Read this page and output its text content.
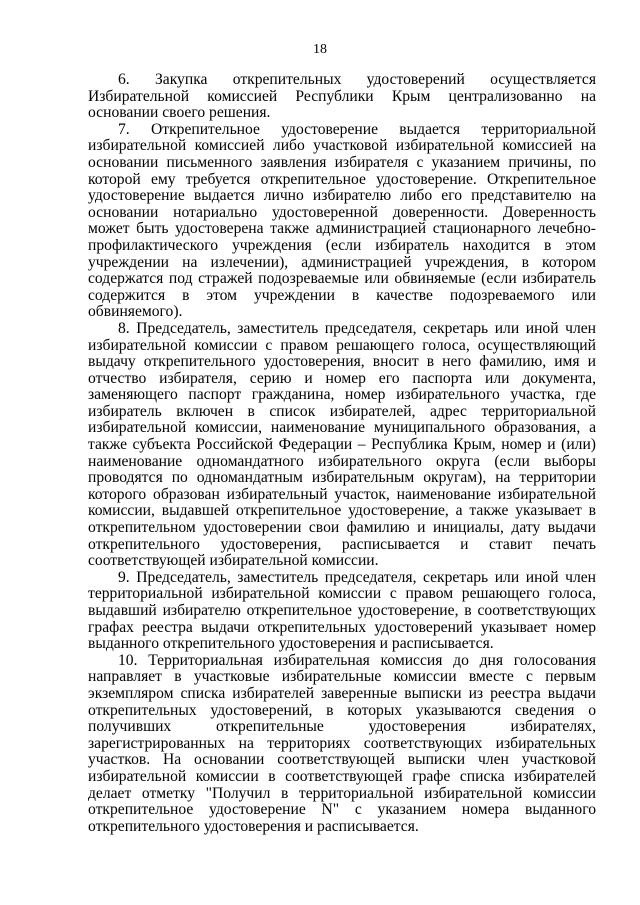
18

6. Закупка открепительных удостоверений осуществляется Избирательной комиссией Республики Крым централизованно на основании своего решения.

7. Открепительное удостоверение выдается территориальной избирательной комиссией либо участковой избирательной комиссией на основании письменного заявления избирателя с указанием причины, по которой ему требуется открепительное удостоверение. Открепительное удостоверение выдается лично избирателю либо его представителю на основании нотариально удостоверенной доверенности. Доверенность может быть удостоверена также администрацией стационарного лечебно-профилактического учреждения (если избиратель находится в этом учреждении на излечении), администрацией учреждения, в котором содержатся под стражей подозреваемые или обвиняемые (если избиратель содержится в этом учреждении в качестве подозреваемого или обвиняемого).

8. Председатель, заместитель председателя, секретарь или иной член избирательной комиссии с правом решающего голоса, осуществляющий выдачу открепительного удостоверения, вносит в него фамилию, имя и отчество избирателя, серию и номер его паспорта или документа, заменяющего паспорт гражданина, номер избирательного участка, где избиратель включен в список избирателей, адрес территориальной избирательной комиссии, наименование муниципального образования, а также субъекта Российской Федерации – Республика Крым, номер и (или) наименование одномандатного избирательного округа (если выборы проводятся по одномандатным избирательным округам), на территории которого образован избирательный участок, наименование избирательной комиссии, выдавшей открепительное удостоверение, а также указывает в открепительном удостоверении свои фамилию и инициалы, дату выдачи открепительного удостоверения, расписывается и ставит печать соответствующей избирательной комиссии.

9. Председатель, заместитель председателя, секретарь или иной член территориальной избирательной комиссии с правом решающего голоса, выдавший избирателю открепительное удостоверение, в соответствующих графах реестра выдачи открепительных удостоверений указывает номер выданного открепительного удостоверения и расписывается.

10. Территориальная избирательная комиссия до дня голосования направляет в участковые избирательные комиссии вместе с первым экземпляром списка избирателей заверенные выписки из реестра выдачи открепительных удостоверений, в которых указываются сведения о получивших открепительные удостоверения избирателях, зарегистрированных на территориях соответствующих избирательных участков. На основании соответствующей выписки член участковой избирательной комиссии в соответствующей графе списка избирателей делает отметку "Получил в территориальной избирательной комиссии открепительное удостоверение N" с указанием номера выданного открепительного удостоверения и расписывается.
